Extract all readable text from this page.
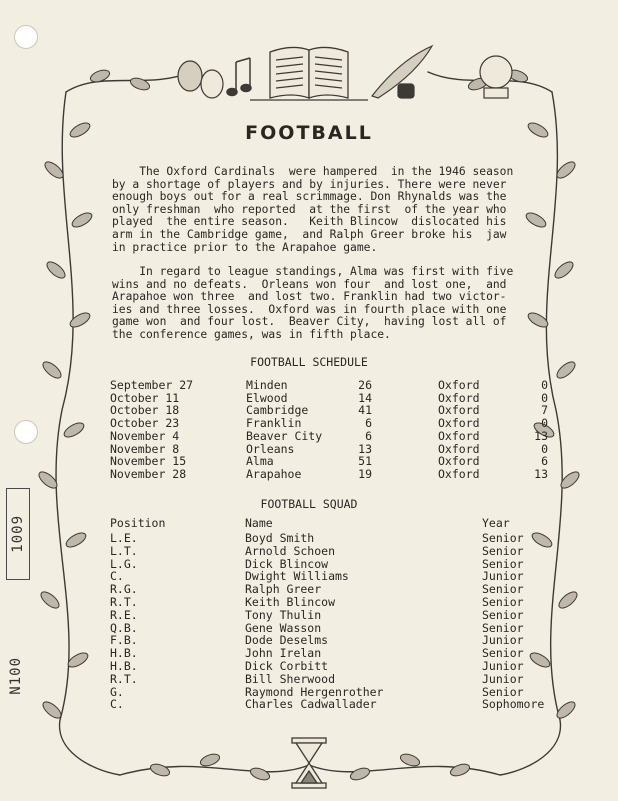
1009
N100
FOOTBALL
The Oxford Cardinals  were hampered  in the 1946 season
by a shortage of players and by injuries. There were never
enough boys out for a real scrimmage. Don Rhynalds was the
only freshman  who reported  at the first  of the year who
played  the entire season.   Keith Blincow  dislocated his
arm in the Cambridge game,  and Ralph Greer broke his  jaw
in practice prior to the Arapahoe game.
In regard to league standings, Alma was first with five
wins and no defeats.  Orleans won four  and lost one,  and
Arapahoe won three  and lost two. Franklin had two victor-
ies and three losses.  Oxford was in fourth place with one
game won  and four lost.  Beaver City,  having lost all of
the conference games, was in fifth place.
FOOTBALL SCHEDULE
September 27	Minden	26	Oxford	0
October 11	Elwood	14	Oxford	0
October 18	Cambridge	41	Oxford	7
October 23	Franklin	6	Oxford	0
November 4	Beaver City	6	Oxford	13
November 8	Orleans	13	Oxford	0
November 15	Alma	51	Oxford	6
November 28	Arapahoe	19	Oxford	13
FOOTBALL SQUAD
Position	Name	Year
L.E.	Boyd Smith	Senior
L.T.	Arnold Schoen	Senior
L.G.	Dick Blincow	Senior
C.	Dwight Williams	Junior
R.G.	Ralph Greer	Senior
R.T.	Keith Blincow	Senior
R.E.	Tony Thulin	Senior
Q.B.	Gene Wasson	Senior
F.B.	Dode Deselms	Junior
H.B.	John Irelan	Senior
H.B.	Dick Corbitt	Junior
R.T.	Bill Sherwood	Junior
G.	Raymond Hergenrother	Senior
C.	Charles Cadwallader	Sophomore
